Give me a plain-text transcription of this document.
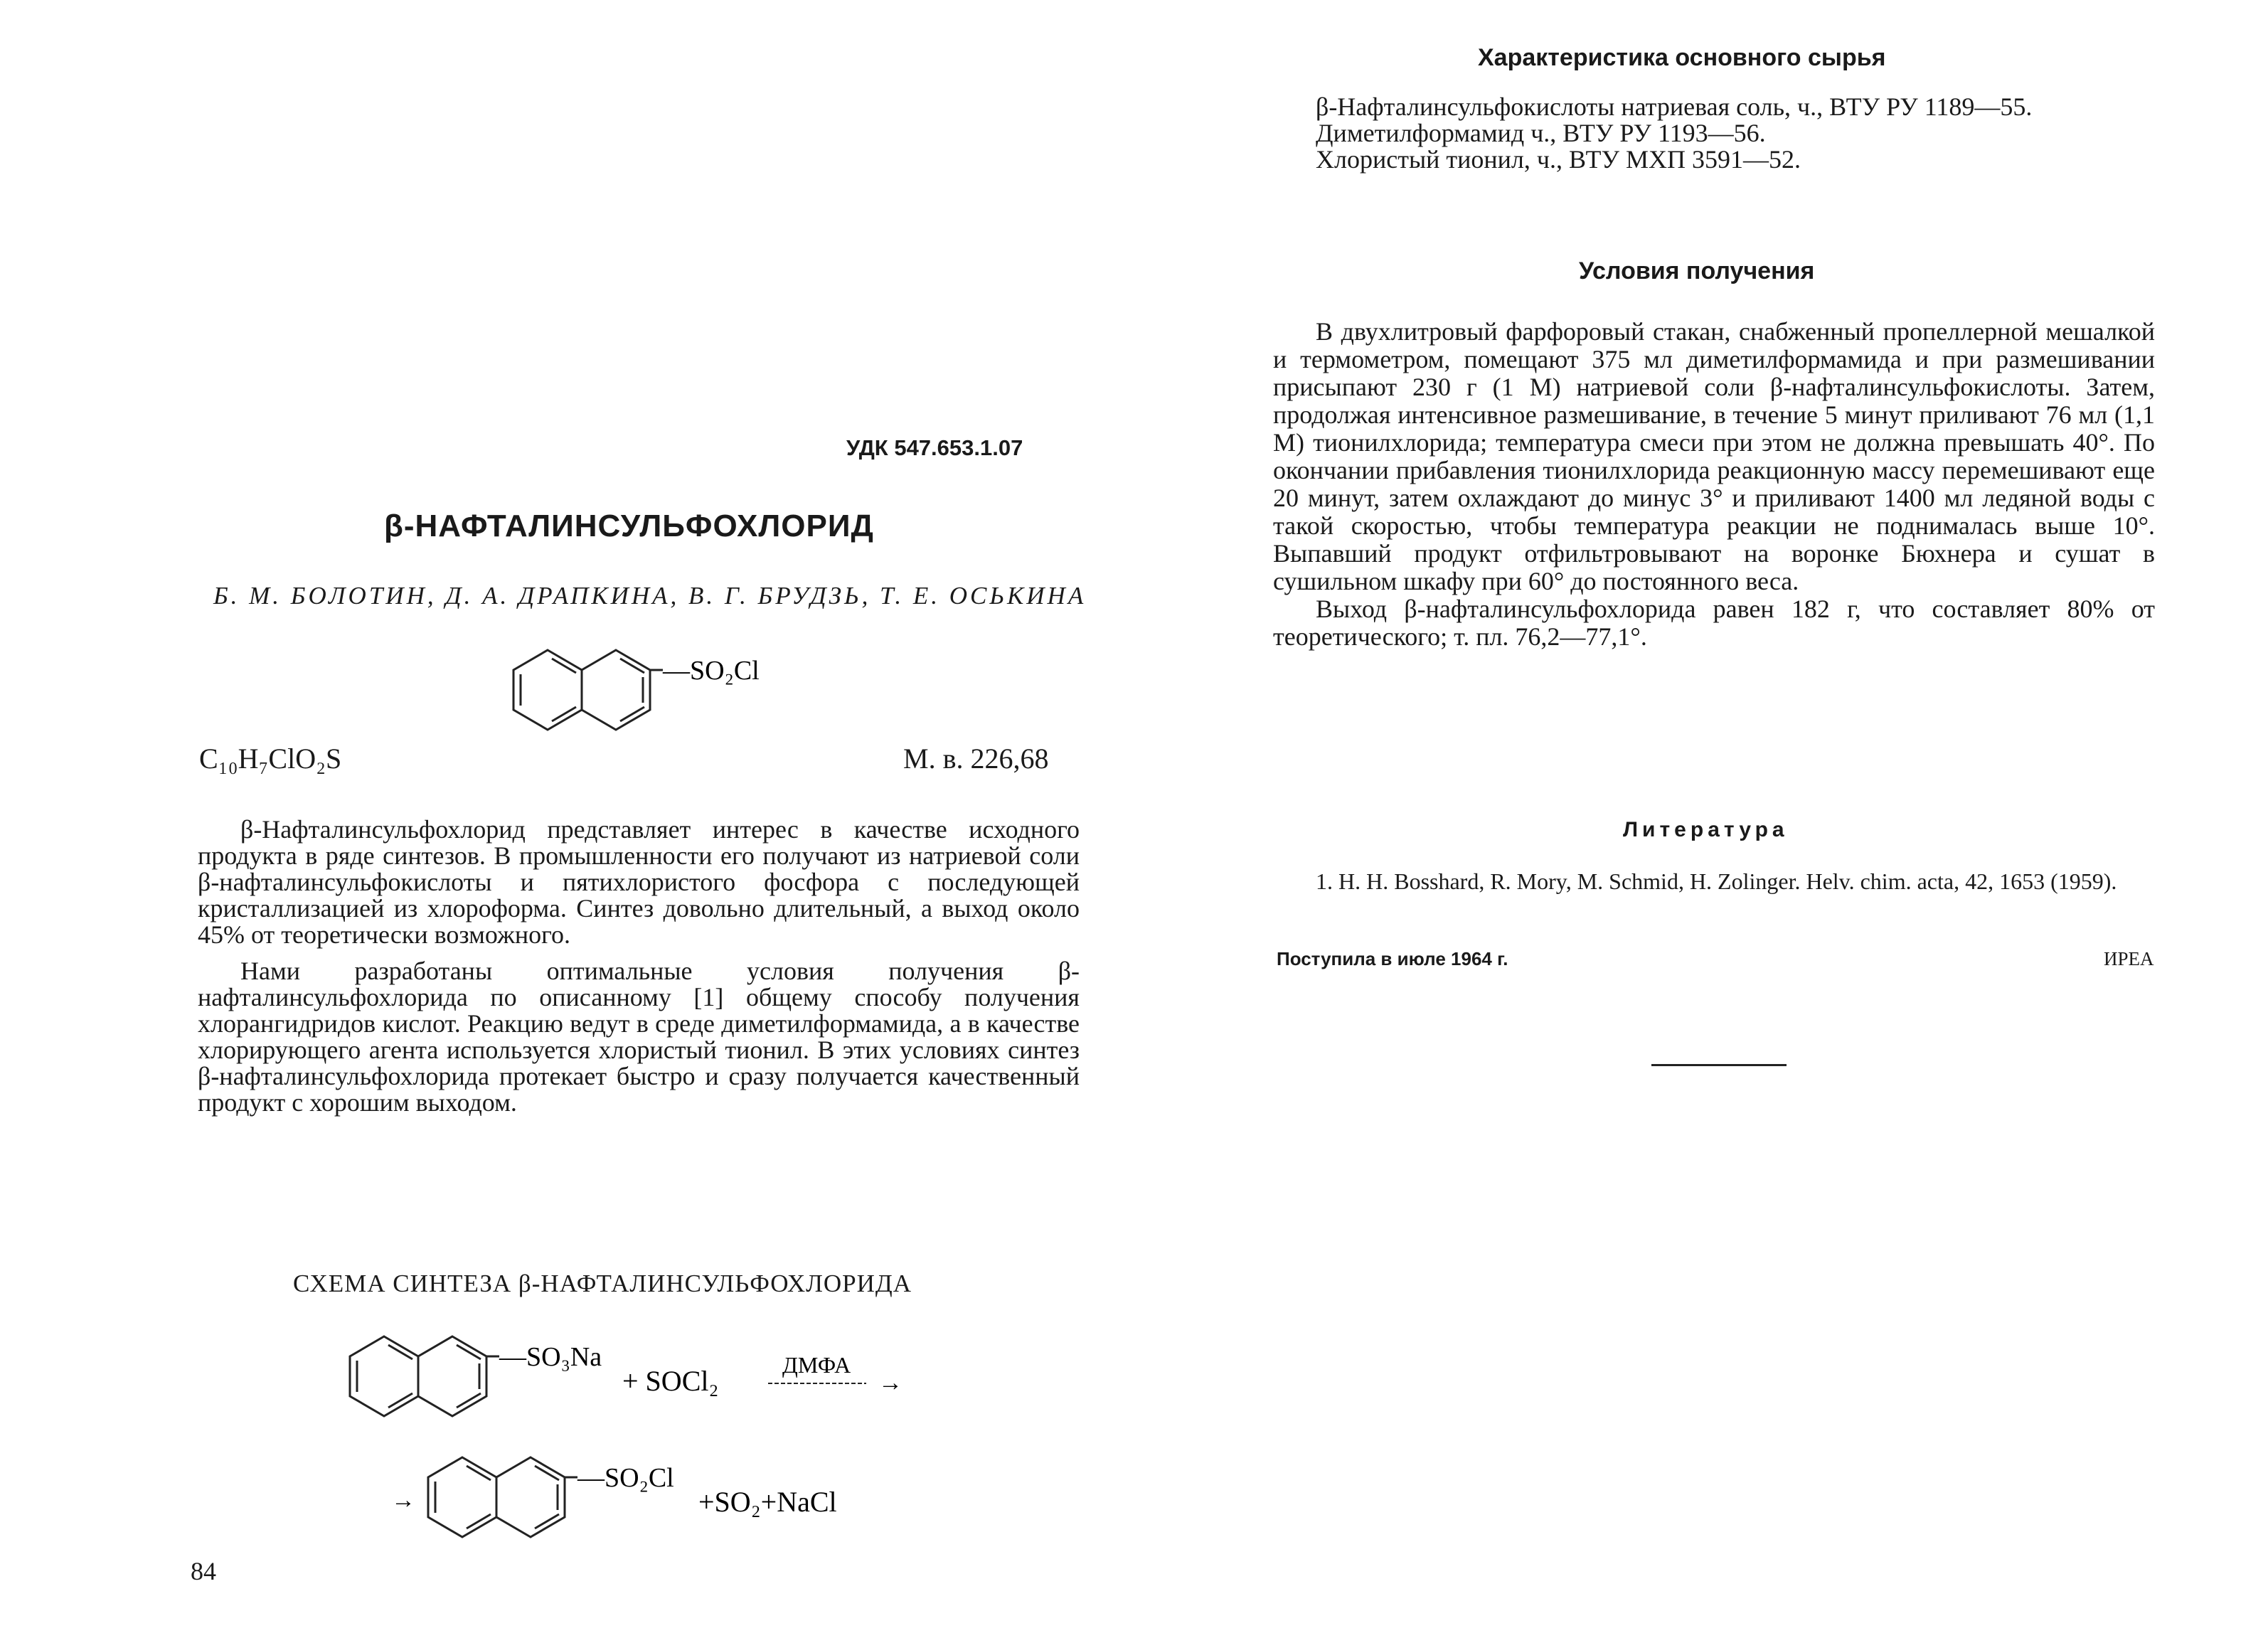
УДК 547.653.1.07
β-НАФТАЛИНСУЛЬФОХЛОРИД
Б. М. БОЛОТИН, Д. А. ДРАПКИНА, В. Г. БРУДЗЬ, Т. Е. ОСЬКИНА
—SO₂Cl
C₁₀H₇ClO₂S	М. в. 226,68

β-Нафталинсульфохлорид представляет интерес в качестве исходного продукта в ряде синтезов. В промышленности его получают из натриевой соли β-нафталинсульфокислоты и пятихлористого фосфора с последующей кристаллизацией из хлороформа. Синтез довольно длительный, а выход около 45% от теоретически возможного.

Нами разработаны оптимальные условия получения β-нафталинсульфохлорида по описанному [1] общему способу получения хлорангидридов кислот. Реакцию ведут в среде диметилформамида, а в качестве хлорирующего агента используется хлористый тионил. В этих условиях синтез β-нафталинсульфохлорида протекает быстро и сразу получается качественный продукт с хорошим выходом.

СХЕМА СИНТЕЗА β-НАФТАЛИНСУЛЬФОХЛОРИДА
—SO₃Na
+ SOCl₂	ДМФА
→
→
—SO₂Cl
+SO₂+NaCl
84
Характеристика основного сырья

β-Нафталинсульфокислоты натриевая соль, ч., ВТУ РУ 1189—55.

Диметилформамид ч., ВТУ РУ 1193—56.

Хлористый тионил, ч., ВТУ МХП 3591—52.

Условия получения

В двухлитровый фарфоровый стакан, снабженный пропеллерной мешалкой и термометром, помещают 375 мл диметилформамида и при размешивании присыпают 230 г (1 М) натриевой соли β-нафталинсульфокислоты. Затем, продолжая интенсивное размешивание, в течение 5 минут приливают 76 мл (1,1 М) тионилхлорида; температура смеси при этом не должна превышать 40°. По окончании прибавления тионилхлорида реакционную массу перемешивают еще 20 минут, затем охлаждают до минус 3° и приливают 1400 мл ледяной воды с такой скоростью, чтобы температура реакции не поднималась выше 10°. Выпавший продукт отфильтровывают на воронке Бюхнера и сушат в сушильном шкафу при 60° до постоянного веса.

Выход β-нафталинсульфохлорида равен 182 г, что составляет 80% от теоретического; т. пл. 76,2—77,1°.

Литература
1. H. H. Bosshard, R. Mory, M. Schmid, H. Zolinger. Helv. chim. acta, 42, 1653 (1959).
Поступила в июле 1964 г.	ИРЕА
